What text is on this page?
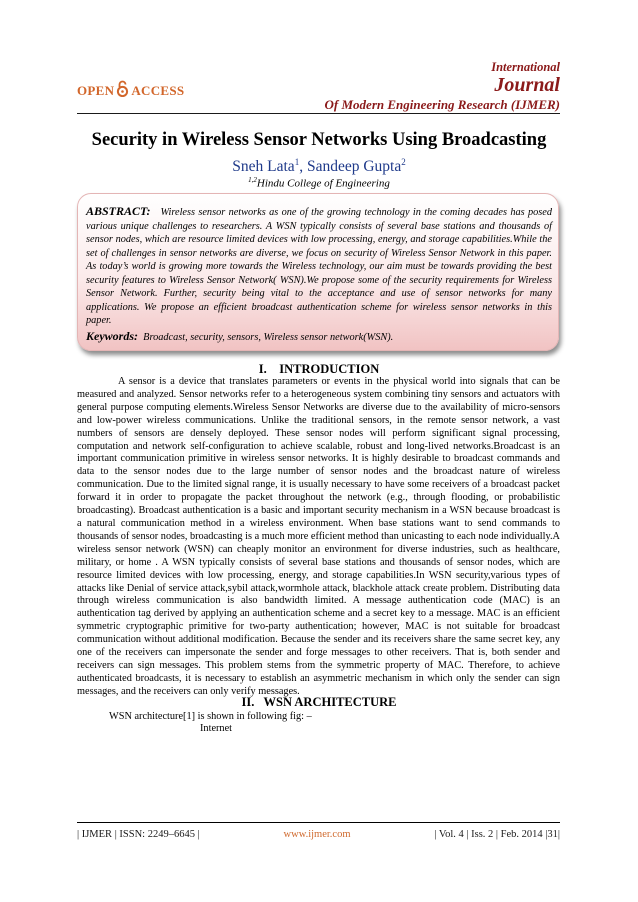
OPEN ACCESS
International
Journal
Of Modern Engineering Research (IJMER)
Security in Wireless Sensor Networks Using Broadcasting
Sneh Lata$^1$, Sandeep Gupta$^2$
$^{1,2}$Hindu College of Engineering
ABSTRACT: Wireless sensor networks as one of the growing technology in the coming decades has posed various unique challenges to researchers. A WSN typically consists of several base stations and thousands of sensor nodes, which are resource limited devices with low processing, energy, and storage capabilities.While the set of challenges in sensor networks are diverse, we focus on security of Wireless Sensor Network in this paper. As today’s world is growing more towards the Wireless technology, our aim must be towards providing the best security features to Wireless Sensor Network( WSN).We propose some of the security requirements for Wireless Sensor Network. Further, security being vital to the acceptance and use of sensor networks for many applications. We propose an efficient broadcast authentication scheme for wireless sensor networks in this paper.
Keywords: Broadcast, security, sensors, Wireless sensor network(WSN).
I.    INTRODUCTION

A sensor is a device that translates parameters or events in the physical world into signals that can be measured and analyzed. Sensor networks refer to a heterogeneous system combining tiny sensors and actuators with general purpose computing elements.Wireless Sensor Networks are diverse due to the availability of micro-sensors and low-power wireless communications. Unlike the traditional sensors, in the remote sensor network, a vast numbers of sensors are densely deployed. These sensor nodes will perform significant signal processing, computation and network self-configuration to achieve scalable, robust and long-lived networks.Broadcast is an important communication primitive in wireless sensor networks. It is highly desirable to broadcast commands and data to the sensor nodes due to the large number of sensor nodes and the broadcast nature of wireless communication. Due to the limited signal range, it is usually necessary to have some receivers of a broadcast packet forward it in order to propagate the packet throughout the network (e.g., through flooding, or probabilistic broadcasting). Broadcast authentication is a basic and important security mechanism in a WSN because broadcast is a natural communication method in a wireless environment. When base stations want to send commands to thousands of sensor nodes, broadcasting is a much more efficient method than unicasting to each node individually.A wireless sensor network (WSN) can cheaply monitor an environment for diverse industries, such as healthcare, military, or home . A WSN typically consists of several base stations and thousands of sensor nodes, which are resource limited devices with low processing, energy, and storage capabilities.In WSN security,various types of attacks like Denial of service attack,sybil attack,wormhole attack, blackhole attack create problem. Distributing data through wireless communication is also bandwidth limited. A message authentication code (MAC) is an authentication tag derived by applying an authentication scheme and a secret key to a message. MAC is an efficient symmetric cryptographic primitive for two-party authentication; however, MAC is not suitable for broadcast communication without additional modification. Because the sender and its receivers share the same secret key, any one of the receivers can impersonate the sender and forge messages to other receivers. That is, both sender and receivers can sign messages. This problem stems from the symmetric property of MAC. Therefore, to achieve authenticated broadcasts, it is necessary to establish an asymmetric mechanism in which only the sender can sign messages, and the receivers can only verify messages.

II.   WSN ARCHITECTURE
WSN architecture[1] is shown in following fig: –
Internet
| IJMER | ISSN: 2249–6645 |	www.ijmer.com	| Vol. 4 | Iss. 2 | Feb. 2014 |31|
